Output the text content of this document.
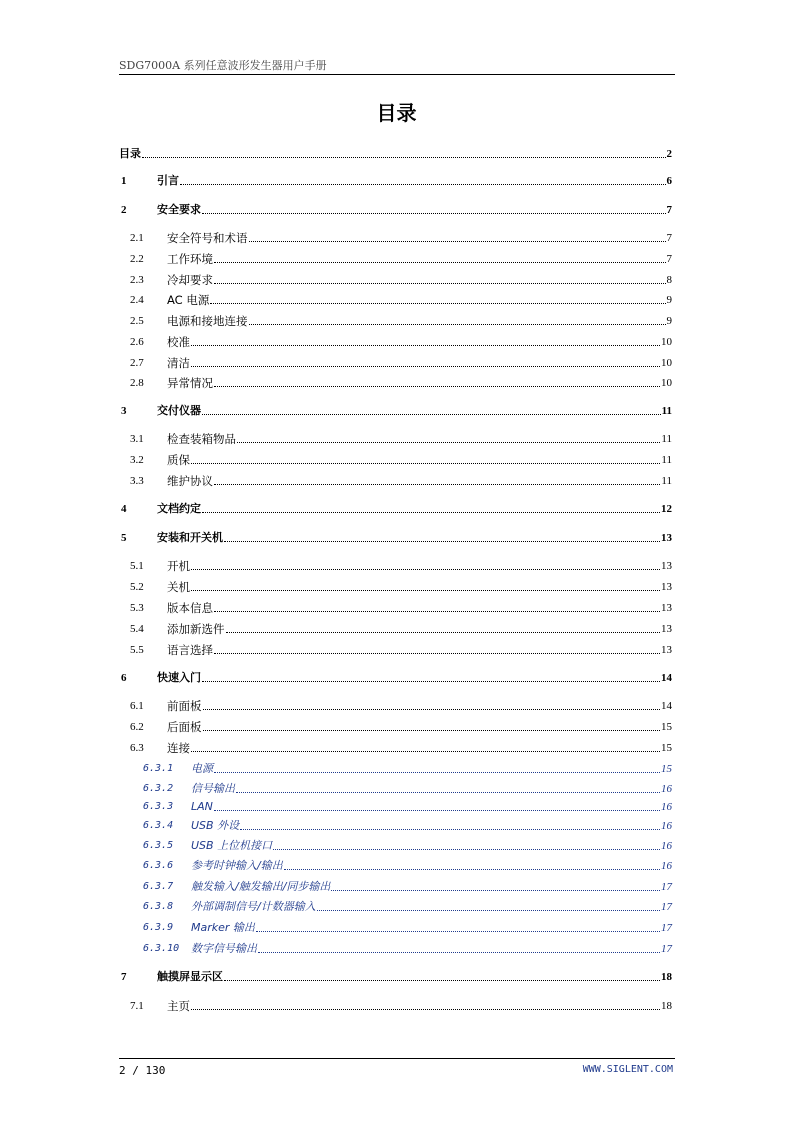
SDG7000A 系列任意波形发生器用户手册
目录
目录	2
1	引言	6
2	安全要求	7
2.1	安全符号和术语	7
2.2	工作环境	7
2.3	冷却要求	8
2.4	AC 电源	9
2.5	电源和接地连接	9
2.6	校准	10
2.7	清洁	10
2.8	异常情况	10
3	交付仪器	11
3.1	检查装箱物品	11
3.2	质保	11
3.3	维护协议	11
4	文档约定	12
5	安装和开关机	13
5.1	开机	13
5.2	关机	13
5.3	版本信息	13
5.4	添加新选件	13
5.5	语言选择	13
6	快速入门	14
6.1	前面板	14
6.2	后面板	15
6.3	连接	15
6.3.1	电源	15
6.3.2	信号输出	16
6.3.3	LAN	16
6.3.4	USB 外设	16
6.3.5	USB 上位机接口	16
6.3.6	参考时钟输入/输出	16
6.3.7	触发输入/触发输出/同步输出	17
6.3.8	外部调制信号/计数器输入	17
6.3.9	Marker 输出	17
6.3.10	数字信号输出	17
7	触摸屏显示区	18
7.1	主页	18
2 / 130	WWW.SIGLENT.COM
